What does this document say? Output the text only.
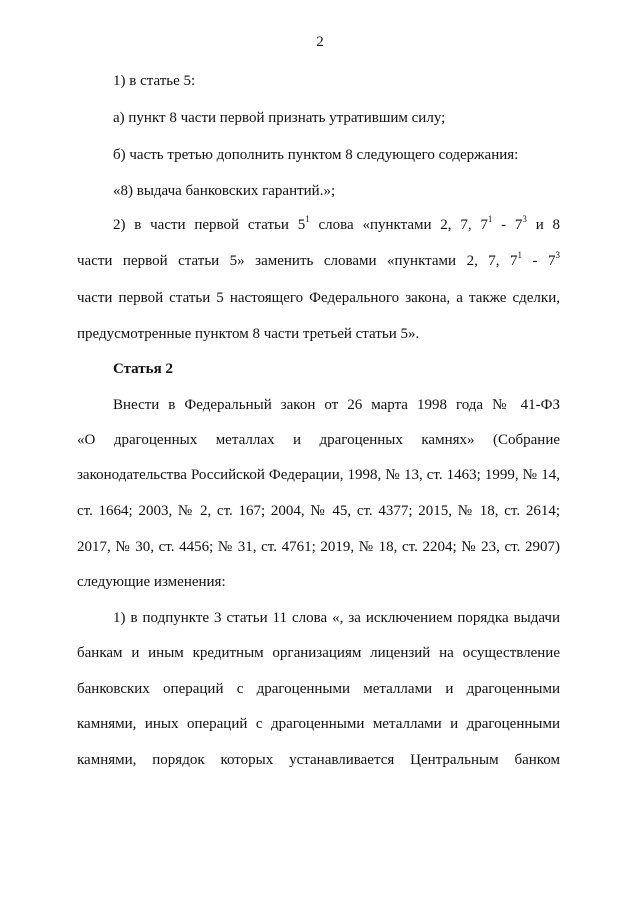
2
1) в статье 5:
а) пункт 8 части первой признать утратившим силу;
б) часть третью дополнить пунктом 8 следующего содержания:
«8) выдача банковских гарантий.»;
2) в части первой статьи $5^1$ слова «пунктами 2, 7, $7^1 - 7^3$ и 8
части первой статьи 5» заменить словами «пунктами 2, 7, $7^1 - 7^3$
части первой статьи 5 настоящего Федерального закона, а также сделки,
предусмотренные пунктом 8 части третьей статьи 5».
Статья 2
Внести в Федеральный закон от 26 марта 1998 года № 41-ФЗ
«О драгоценных металлах и драгоценных камнях» (Собрание
законодательства Российской Федерации, 1998, № 13, ст. 1463; 1999, № 14,
ст. 1664; 2003, № 2, ст. 167; 2004, № 45, ст. 4377; 2015, № 18, ст. 2614;
2017, № 30, ст. 4456; № 31, ст. 4761; 2019, № 18, ст. 2204; № 23, ст. 2907)
следующие изменения:
1) в подпункте 3 статьи 11 слова «, за исключением порядка выдачи
банкам и иным кредитным организациям лицензий на осуществление
банковских операций с драгоценными металлами и драгоценными
камнями, иных операций с драгоценными металлами и драгоценными
камнями, порядок которых устанавливается Центральным банком
